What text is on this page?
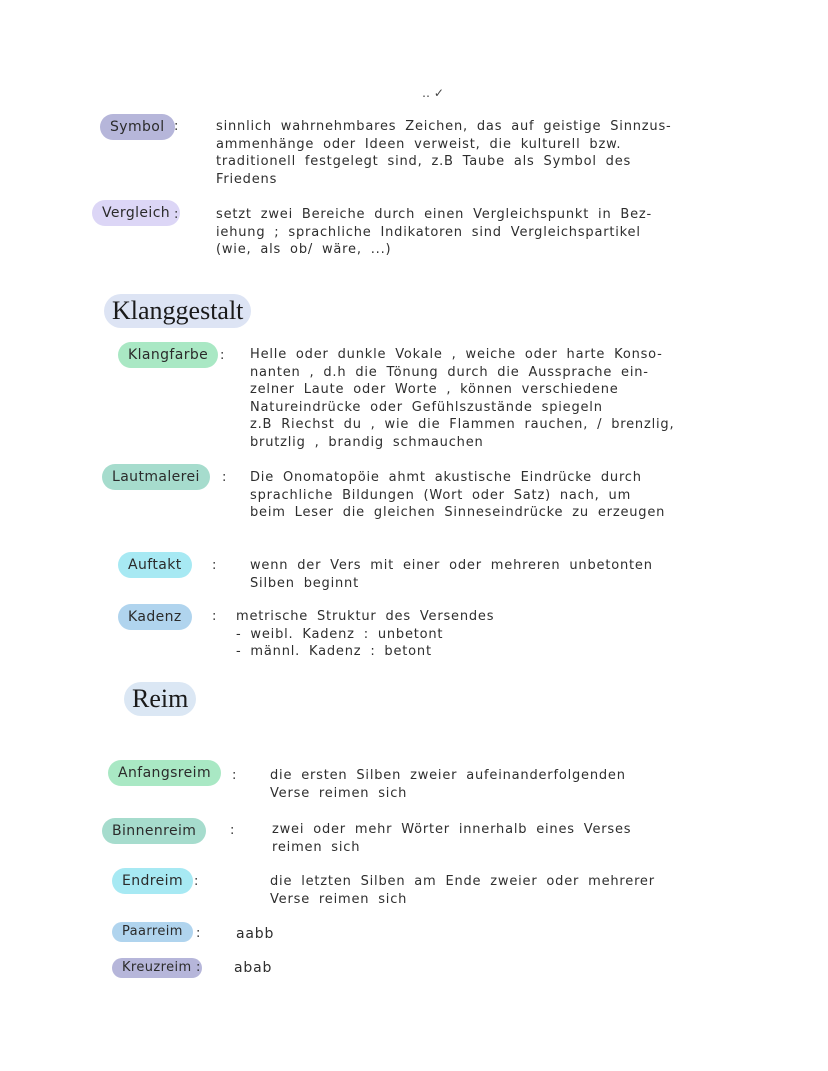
‥ ✓
Symbol :	sinnlich wahrnehmbares Zeichen, das auf geistige Sinnzus-
ammenhänge oder Ideen verweist, die kulturell bzw.
traditionell festgelegt sind, z.B Taube als Symbol des
Friedens
Vergleich :	setzt zwei Bereiche durch einen Vergleichspunkt in Bez-
iehung ; sprachliche Indikatoren sind Vergleichspartikel
(wie, als ob/ wäre, ...)
Klanggestalt
Klangfarbe : Helle oder dunkle Vokale , weiche oder harte Konso-
nanten , d.h die Tönung durch die Aussprache ein-
zelner Laute oder Worte , können verschiedene
Natureindrücke oder Gefühlszustände spiegeln
z.B Riechst du , wie die Flammen rauchen, / brenzlig,
brutzlig , brandig schmauchen
Lautmalerei	: Die Onomatopöie ahmt akustische Eindrücke durch
sprachliche Bildungen (Wort oder Satz) nach, um
beim Leser die gleichen Sinneseindrücke zu erzeugen
Auftakt	:	wenn der Vers mit einer oder mehreren unbetonten
Silben beginnt
Kadenz	: metrische Struktur des Versendes
- weibl. Kadenz : unbetont
- männl. Kadenz : betont
Reim
Anfangsreim	:	die ersten Silben zweier aufeinanderfolgenden
Verse reimen sich
Binnenreim	:	zwei oder mehr Wörter innerhalb eines Verses
reimen sich
Endreim :	die letzten Silben am Ende zweier oder mehrerer
Verse reimen sich
Paarreim	:	aabb
Kreuzreim : abab
